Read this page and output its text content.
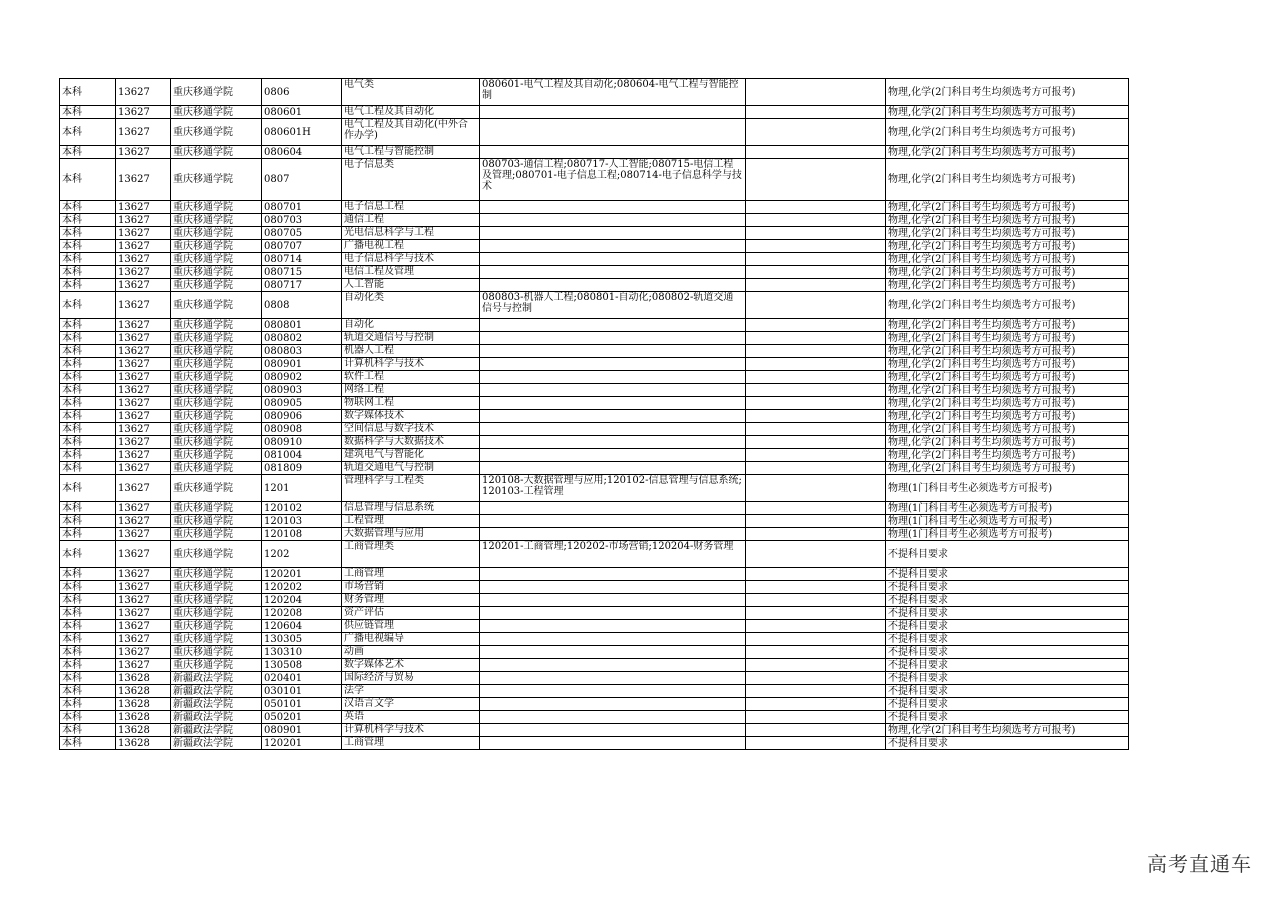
本科	13627	重庆移通学院	0806	电气类	080601-电气工程及其自动化;080604-电气工程与智能控制		物理,化学(2门科目考生均须选考方可报考)
本科	13627	重庆移通学院	080601	电气工程及其自动化			物理,化学(2门科目考生均须选考方可报考)
本科	13627	重庆移通学院	080601H	电气工程及其自动化(中外合作办学)			物理,化学(2门科目考生均须选考方可报考)
本科	13627	重庆移通学院	080604	电气工程与智能控制			物理,化学(2门科目考生均须选考方可报考)
本科	13627	重庆移通学院	0807	电子信息类	080703-通信工程;080717-人工智能;080715-电信工程及管理;080701-电子信息工程;080714-电子信息科学与技术		物理,化学(2门科目考生均须选考方可报考)
本科	13627	重庆移通学院	080701	电子信息工程			物理,化学(2门科目考生均须选考方可报考)
本科	13627	重庆移通学院	080703	通信工程			物理,化学(2门科目考生均须选考方可报考)
本科	13627	重庆移通学院	080705	光电信息科学与工程			物理,化学(2门科目考生均须选考方可报考)
本科	13627	重庆移通学院	080707	广播电视工程			物理,化学(2门科目考生均须选考方可报考)
本科	13627	重庆移通学院	080714	电子信息科学与技术			物理,化学(2门科目考生均须选考方可报考)
本科	13627	重庆移通学院	080715	电信工程及管理			物理,化学(2门科目考生均须选考方可报考)
本科	13627	重庆移通学院	080717	人工智能			物理,化学(2门科目考生均须选考方可报考)
本科	13627	重庆移通学院	0808	自动化类	080803-机器人工程;080801-自动化;080802-轨道交通信号与控制		物理,化学(2门科目考生均须选考方可报考)
本科	13627	重庆移通学院	080801	自动化			物理,化学(2门科目考生均须选考方可报考)
本科	13627	重庆移通学院	080802	轨道交通信号与控制			物理,化学(2门科目考生均须选考方可报考)
本科	13627	重庆移通学院	080803	机器人工程			物理,化学(2门科目考生均须选考方可报考)
本科	13627	重庆移通学院	080901	计算机科学与技术			物理,化学(2门科目考生均须选考方可报考)
本科	13627	重庆移通学院	080902	软件工程			物理,化学(2门科目考生均须选考方可报考)
本科	13627	重庆移通学院	080903	网络工程			物理,化学(2门科目考生均须选考方可报考)
本科	13627	重庆移通学院	080905	物联网工程			物理,化学(2门科目考生均须选考方可报考)
本科	13627	重庆移通学院	080906	数字媒体技术			物理,化学(2门科目考生均须选考方可报考)
本科	13627	重庆移通学院	080908	空间信息与数字技术			物理,化学(2门科目考生均须选考方可报考)
本科	13627	重庆移通学院	080910	数据科学与大数据技术			物理,化学(2门科目考生均须选考方可报考)
本科	13627	重庆移通学院	081004	建筑电气与智能化			物理,化学(2门科目考生均须选考方可报考)
本科	13627	重庆移通学院	081809	轨道交通电气与控制			物理,化学(2门科目考生均须选考方可报考)
本科	13627	重庆移通学院	1201	管理科学与工程类	120108-大数据管理与应用;120102-信息管理与信息系统;120103-工程管理		物理(1门科目考生必须选考方可报考)
本科	13627	重庆移通学院	120102	信息管理与信息系统			物理(1门科目考生必须选考方可报考)
本科	13627	重庆移通学院	120103	工程管理			物理(1门科目考生必须选考方可报考)
本科	13627	重庆移通学院	120108	大数据管理与应用			物理(1门科目考生必须选考方可报考)
本科	13627	重庆移通学院	1202	工商管理类	120201-工商管理;120202-市场营销;120204-财务管理		不提科目要求
本科	13627	重庆移通学院	120201	工商管理			不提科目要求
本科	13627	重庆移通学院	120202	市场营销			不提科目要求
本科	13627	重庆移通学院	120204	财务管理			不提科目要求
本科	13627	重庆移通学院	120208	资产评估			不提科目要求
本科	13627	重庆移通学院	120604	供应链管理			不提科目要求
本科	13627	重庆移通学院	130305	广播电视编导			不提科目要求
本科	13627	重庆移通学院	130310	动画			不提科目要求
本科	13627	重庆移通学院	130508	数字媒体艺术			不提科目要求
本科	13628	新疆政法学院	020401	国际经济与贸易			不提科目要求
本科	13628	新疆政法学院	030101	法学			不提科目要求
本科	13628	新疆政法学院	050101	汉语言文学			不提科目要求
本科	13628	新疆政法学院	050201	英语			不提科目要求
本科	13628	新疆政法学院	080901	计算机科学与技术			物理,化学(2门科目考生均须选考方可报考)
本科	13628	新疆政法学院	120201	工商管理			不提科目要求
高考直通车
